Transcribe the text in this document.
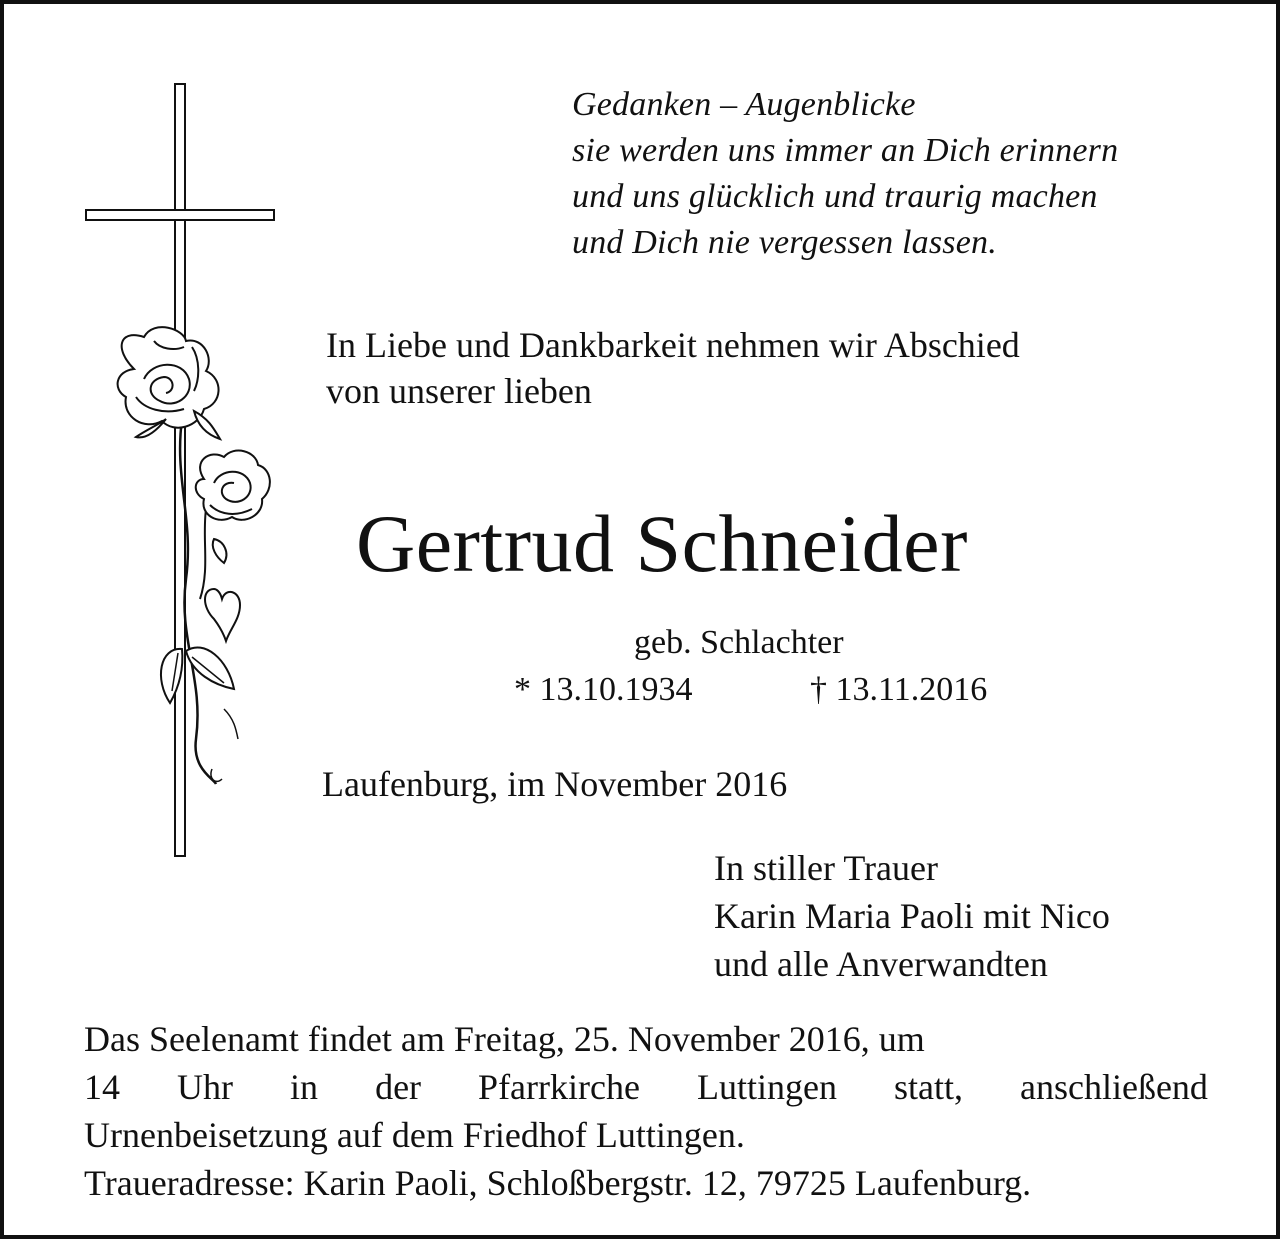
Gedanken – Augenblicke
sie werden uns immer an Dich erinnern
und uns glücklich und traurig machen
und Dich nie vergessen lassen.
In Liebe und Dankbarkeit nehmen wir Abschied
von unserer lieben
Gertrud Schneider
geb. Schlachter
* 13.10.1934	† 13.11.2016
Laufenburg, im November 2016
In stiller Trauer
Karin Maria Paoli mit Nico
und alle Anverwandten
Das Seelenamt findet am Freitag, 25. November 2016, um
14 Uhr in der Pfarrkirche Luttingen statt, anschließend
Urnenbeisetzung auf dem Friedhof Luttingen.
Traueradresse: Karin Paoli, Schloßbergstr. 12, 79725 Laufenburg.
